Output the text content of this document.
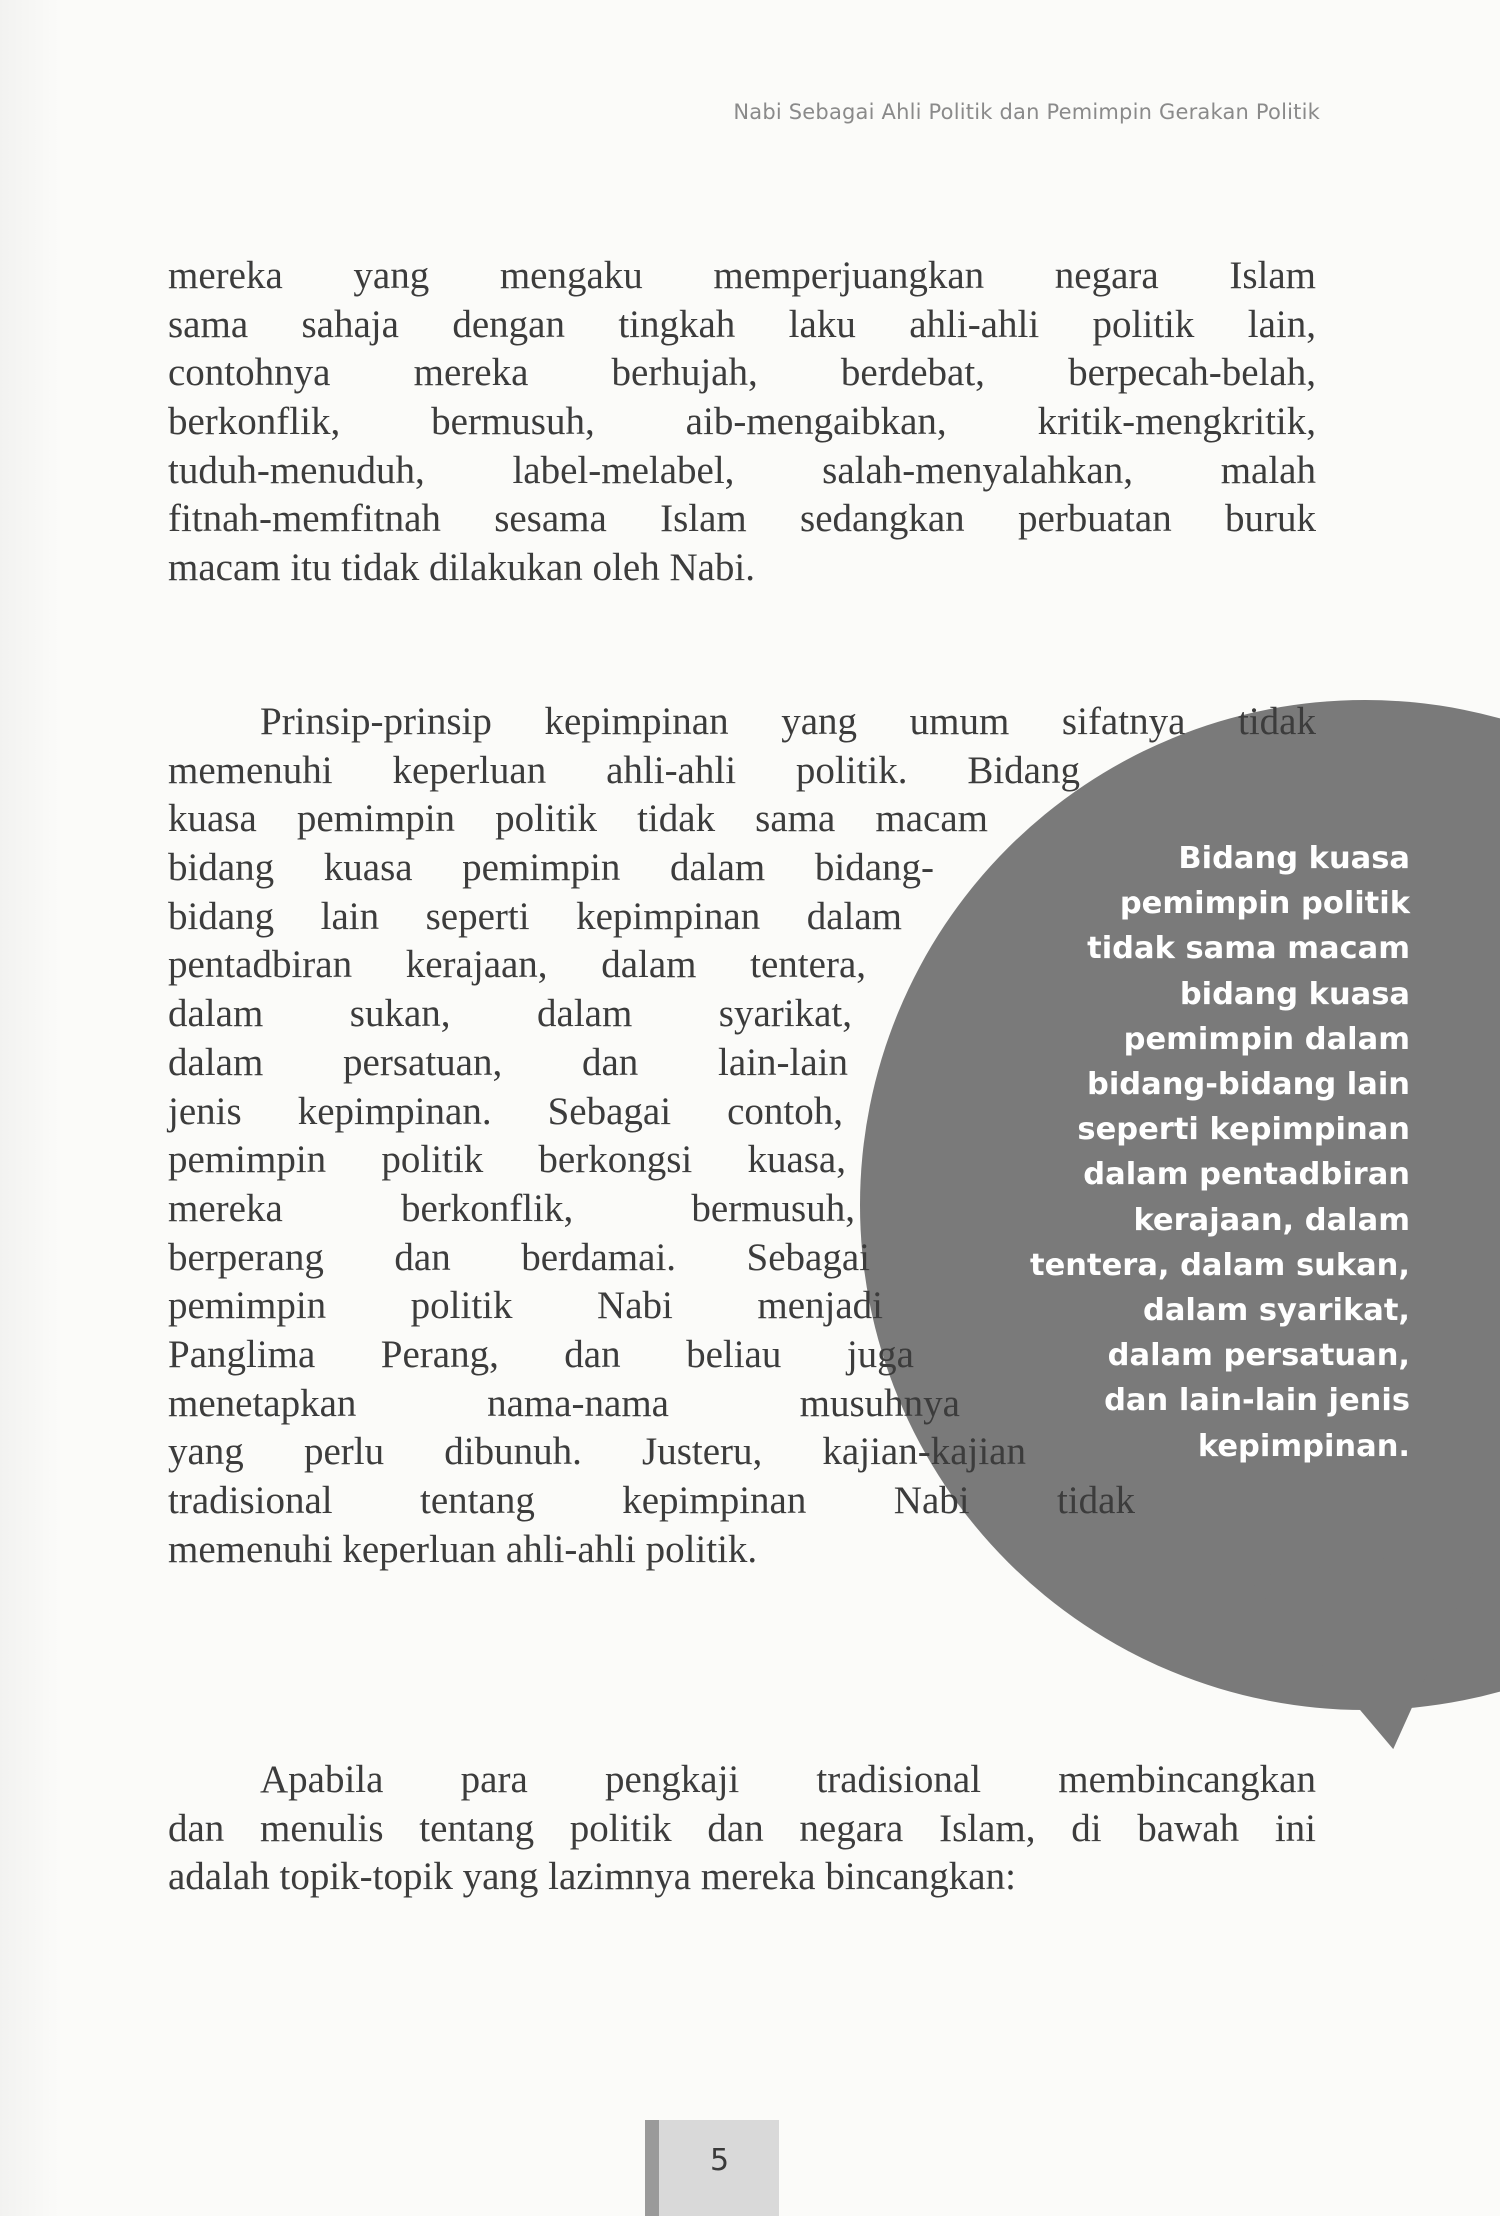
Nabi Sebagai Ahli Politik dan Pemimpin Gerakan Politik
mereka yang mengaku memperjuangkan negara Islam
sama sahaja dengan tingkah laku ahli-ahli politik lain,
contohnya mereka berhujah, berdebat, berpecah-belah,
berkonflik, bermusuh, aib-mengaibkan, kritik-mengkritik,
tuduh-menuduh, label-melabel, salah-menyalahkan, malah
fitnah-memfitnah sesama Islam sedangkan perbuatan buruk
macam itu tidak dilakukan oleh Nabi.
Bidang kuasa
pemimpin politik
tidak sama macam
bidang kuasa
pemimpin dalam
bidang-bidang lain
seperti kepimpinan
dalam pentadbiran
kerajaan, dalam
tentera, dalam sukan,
dalam syarikat,
dalam persatuan,
dan lain-lain jenis
kepimpinan.
Prinsip-prinsip kepimpinan yang umum sifatnya tidak
memenuhi keperluan ahli-ahli politik. Bidang
kuasa pemimpin politik tidak sama macam
bidang kuasa pemimpin dalam bidang-
bidang lain seperti kepimpinan dalam
pentadbiran kerajaan, dalam tentera,
dalam sukan, dalam syarikat,
dalam persatuan, dan lain-lain
jenis kepimpinan. Sebagai contoh,
pemimpin politik berkongsi kuasa,
mereka berkonflik, bermusuh,
berperang dan berdamai. Sebagai
pemimpin politik Nabi menjadi
Panglima Perang, dan beliau juga
menetapkan nama-nama musuhnya
yang perlu dibunuh. Justeru, kajian-kajian
tradisional tentang kepimpinan Nabi tidak
memenuhi keperluan ahli-ahli politik.
Apabila para pengkaji tradisional membincangkan
dan menulis tentang politik dan negara Islam, di bawah ini
adalah topik-topik yang lazimnya mereka bincangkan:
5
